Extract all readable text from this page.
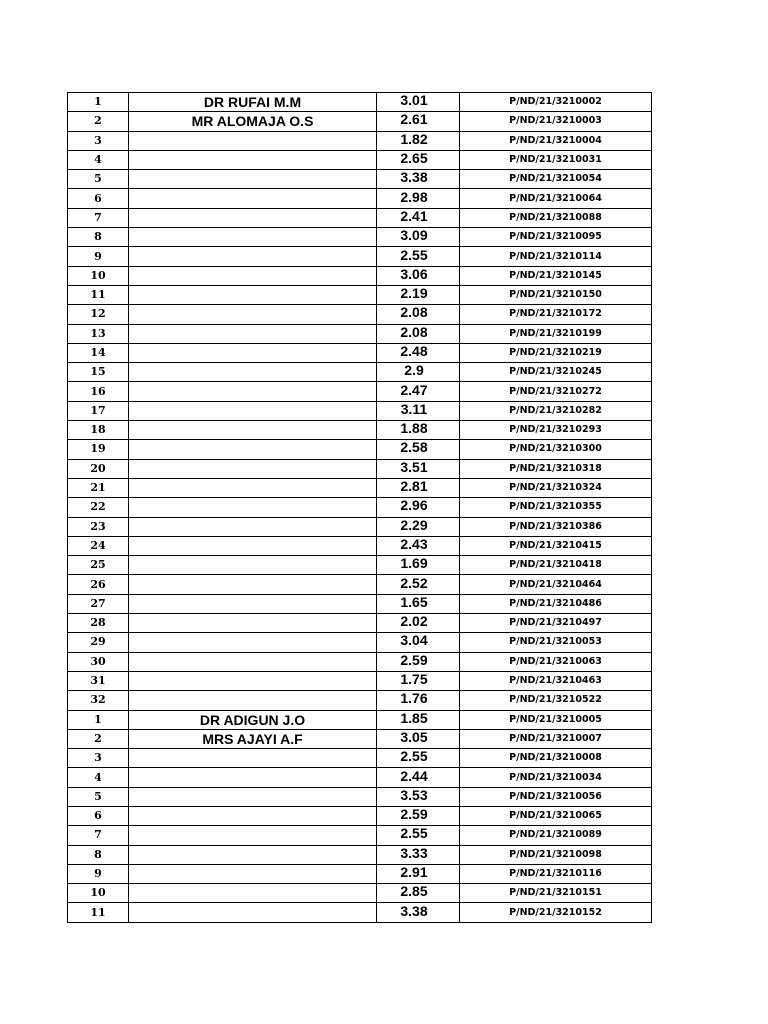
1	DR RUFAI M.M	3.01	P/ND/21/3210002
2	MR ALOMAJA O.S	2.61	P/ND/21/3210003
3		1.82	P/ND/21/3210004
4		2.65	P/ND/21/3210031
5		3.38	P/ND/21/3210054
6		2.98	P/ND/21/3210064
7		2.41	P/ND/21/3210088
8		3.09	P/ND/21/3210095
9		2.55	P/ND/21/3210114
10		3.06	P/ND/21/3210145
11		2.19	P/ND/21/3210150
12		2.08	P/ND/21/3210172
13		2.08	P/ND/21/3210199
14		2.48	P/ND/21/3210219
15		2.9	P/ND/21/3210245
16		2.47	P/ND/21/3210272
17		3.11	P/ND/21/3210282
18		1.88	P/ND/21/3210293
19		2.58	P/ND/21/3210300
20		3.51	P/ND/21/3210318
21		2.81	P/ND/21/3210324
22		2.96	P/ND/21/3210355
23		2.29	P/ND/21/3210386
24		2.43	P/ND/21/3210415
25		1.69	P/ND/21/3210418
26		2.52	P/ND/21/3210464
27		1.65	P/ND/21/3210486
28		2.02	P/ND/21/3210497
29		3.04	P/ND/21/3210053
30		2.59	P/ND/21/3210063
31		1.75	P/ND/21/3210463
32		1.76	P/ND/21/3210522
1	DR ADIGUN J.O	1.85	P/ND/21/3210005
2	MRS AJAYI A.F	3.05	P/ND/21/3210007
3		2.55	P/ND/21/3210008
4		2.44	P/ND/21/3210034
5		3.53	P/ND/21/3210056
6		2.59	P/ND/21/3210065
7		2.55	P/ND/21/3210089
8		3.33	P/ND/21/3210098
9		2.91	P/ND/21/3210116
10		2.85	P/ND/21/3210151
11		3.38	P/ND/21/3210152
